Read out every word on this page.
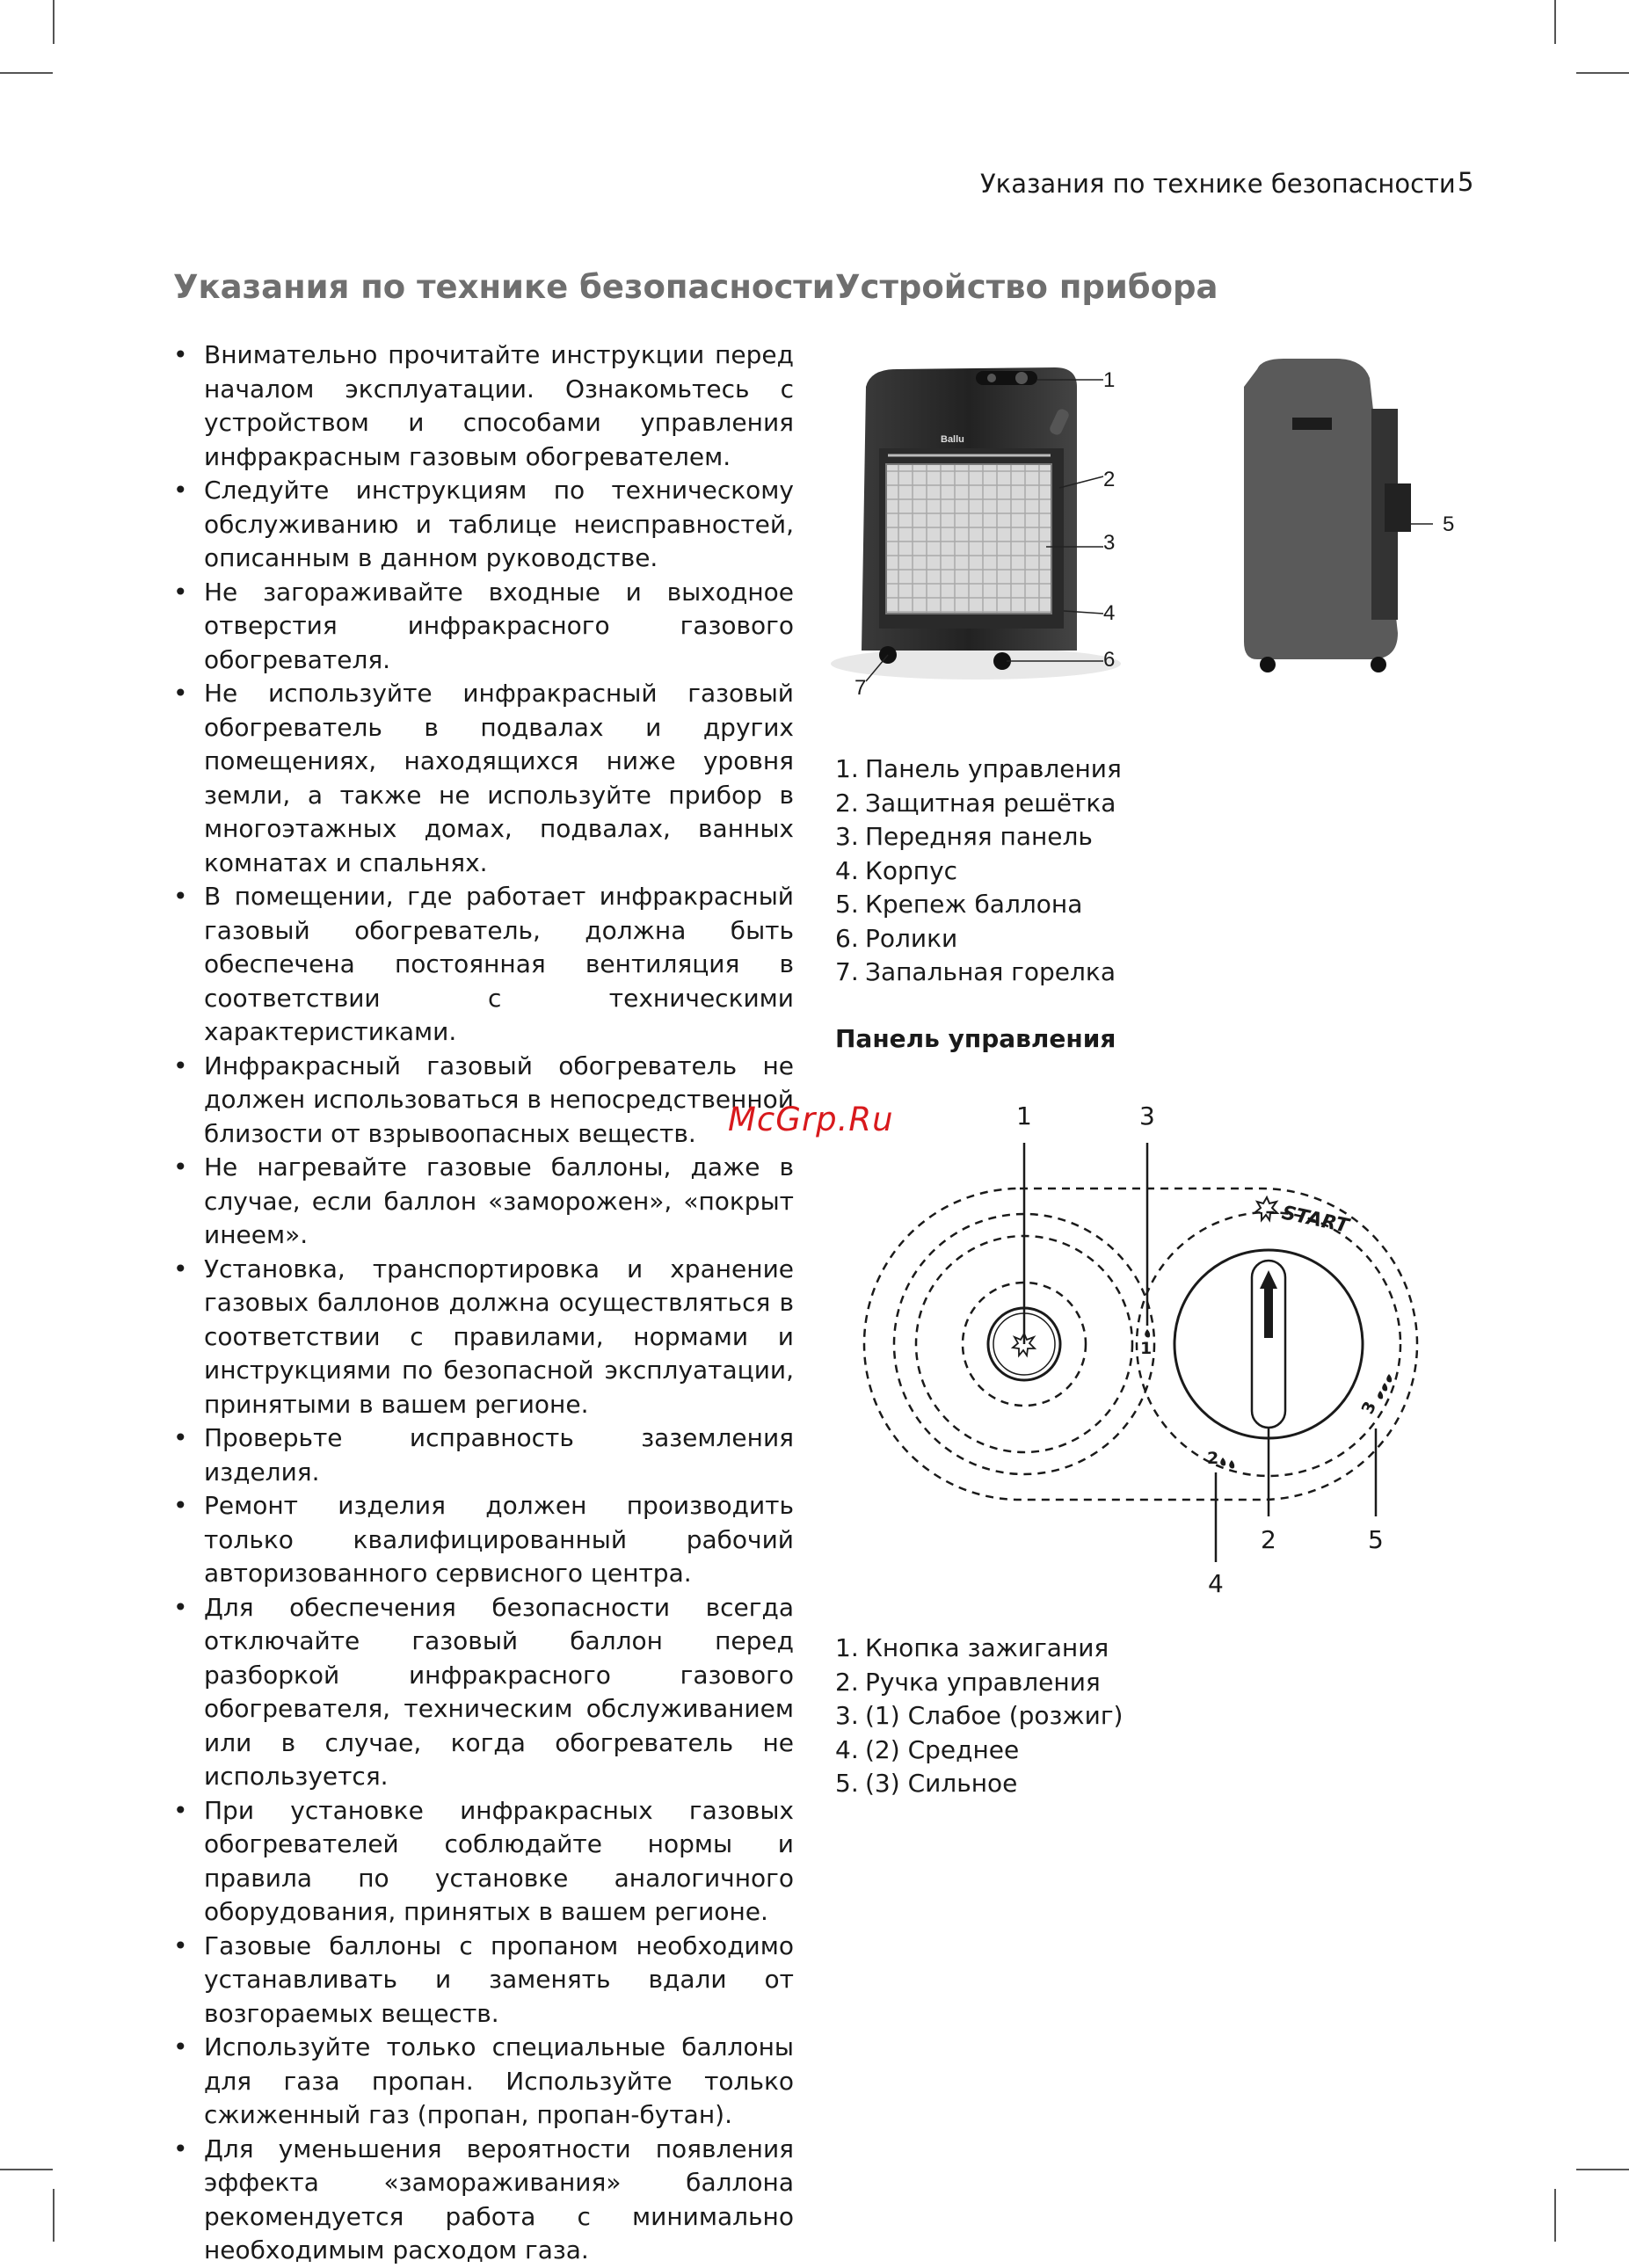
Указания по технике безопасности 5
Указания по технике безопасности
• Внимательно прочитайте инструкции перед началом эксплуатации. Ознакомьтесь с устройством и способами управления инфракрасным газовым обогревателем.
• Следуйте инструкциям по техническому обслуживанию и таблице неисправностей, описанным в данном руководстве.
• Не загораживайте входные и выходное отверстия инфракрасного газового обогревателя.
• Не используйте инфракрасный газовый обогреватель в подвалах и других помещениях, находящихся ниже уровня земли, а также не используйте прибор в многоэтажных домах, подвалах, ванных комнатах и спальнях.
• В помещении, где работает инфракрасный газовый обогреватель, должна быть обеспечена постоянная вентиляция в соответствии с техническими характеристиками.
• Инфракрасный газовый обогреватель не должен использоваться в непосредственной близости от взрывоопасных веществ.
• Не нагревайте газовые баллоны, даже в случае, если баллон «заморожен», «покрыт инеем».
• Установка, транспортировка и хранение газовых баллонов должна осуществляться в соответствии с правилами, нормами и инструкциями по безопасной эксплуатации, принятыми в вашем регионе.
• Проверьте исправность заземления изделия.
• Ремонт изделия должен производить только квалифицированный рабочий авторизованного сервисного центра.
• Для обеспечения безопасности всегда отключайте газовый баллон перед разборкой инфракрасного газового обогревателя, техническим обслуживанием или в случае, когда обогреватель не используется.
• При установке инфракрасных газовых обогревателей соблюдайте нормы и правила по установке аналогичного оборудования, принятых в вашем регионе.
• Газовые баллоны с пропаном необходимо устанавливать и заменять вдали от возгораемых веществ.
• Используйте только специальные баллоны для газа пропан. Используйте только сжиженный газ (пропан, пропан-бутан).
• Для уменьшения вероятности появления эффекта «замораживания» баллона рекомендуется работа с минимально необходимым расходом газа.
Устройство прибора
Ballu
1
2
3
4
6
7
5
1. Панель управления
2. Защитная решётка
3. Передняя панель
4. Корпус
5. Крепеж баллона
6. Ролики
7. Запальная горелка
Панель управления
START
1
2
3
1
2
3
4
5
1. Кнопка зажигания
2. Ручка управления
3. (1) Слабое (розжиг)
4. (2) Среднее
5. (3) Сильное
McGrp.Ru
